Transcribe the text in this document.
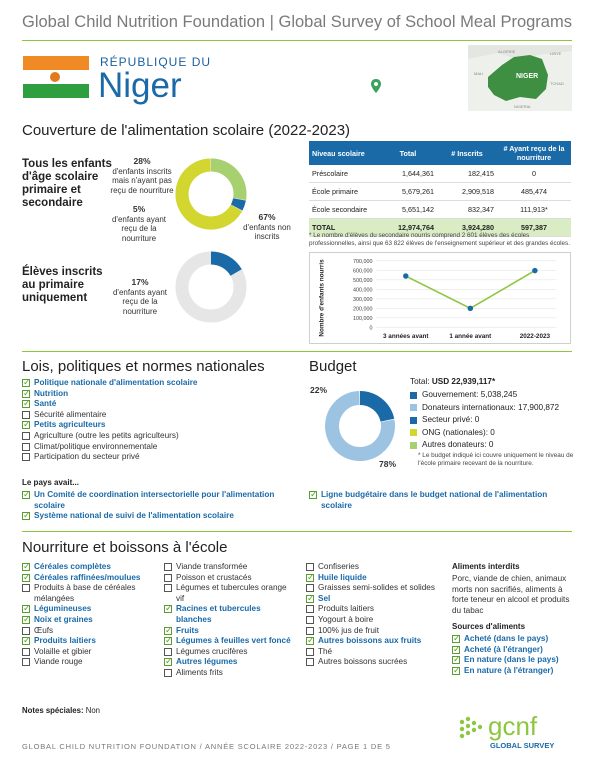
Global Child Nutrition Foundation | Global Survey of School Meal Programs
RÉPUBLIQUE DU
Niger	NIGER
ALGERIE	LIBYE
MALI
TCHAD
NIGERIA
Couverture de l'alimentation scolaire (2022-2023)
Tous les enfants d'âge scolaire primaire et secondaire
28%
d'enfants inscrits mais n'ayant pas reçu de nourriture
5%
d'enfants ayant reçu de la nourriture
67%
d'enfants non inscrits
Élèves inscrits au primaire uniquement
17%
d'enfants ayant reçu de la nourriture
Niveau scolaire	Total	# Inscrits	# Ayant reçu de la nourriture
Préscolaire	1,644,361	182,415	0
École primaire	5,679,261	2,909,518	485,474
École secondaire	5,651,142	832,347	111,913*
TOTAL	12,974,764	3,924,280	597,387
* Le nombre d'élèves du secondaire nourris comprend 2 601 élèves des écoles professionnelles, ainsi que 63 822 élèves de l'enseignement supérieur et des grandes écoles.
0
100,000
200,000
300,000
400,000
500,000
600,000
700,000
Nombre d'enfants nourris	3 années avant	1 année avant	2022-2023
Lois, politiques et normes nationales
✓
Politique nationale d'alimentation scolaire
✓
Nutrition
✓
Santé
Sécurité alimentaire
✓
Petits agriculteurs
Agriculture (outre les petits agriculteurs)
Climat/politique environnementale
Participation du secteur privé
Le pays avait...
✓
Un Comité de coordination intersectorielle pour l'alimentation scolaire
✓
Système national de suivi de l'alimentation scolaire
Budget
22%
78%
Total: USD 22,939,117*
Gouvernement: 5,038,245
Donateurs internationaux: 17,900,872
Secteur privé: 0
ONG (nationales): 0
Autres donateurs: 0
* Le budget indiqué ici couvre uniquement le niveau de l'école primaire recevant de la nourriture.
✓
Ligne budgétaire dans le budget national de l'alimentation scolaire
Nourriture et boissons à l'école
✓
Céréales complètes
✓
Céréales raffinées/moulues
Produits à base de céréales mélangées
✓
Légumineuses
✓
Noix et graines
Œufs
✓
Produits laitiers
Volaille et gibier
Viande rouge
Viande transformée
Poisson et crustacés
Légumes et tubercules orange vif
✓
Racines et tubercules blanches
✓
Fruits
✓
Légumes à feuilles vert foncé
Légumes crucifères
✓
Autres légumes
Aliments frits
Confiseries
✓
Huile liquide
Graisses semi-solides et solides
✓
Sel
Produits laitiers
Yogourt à boire
100% jus de fruit
✓
Autres boissons aux fruits
Thé
Autres boissons sucrées
Aliments interdits
Porc, viande de chien, animaux morts non sacrifiés, aliments à forte teneur en alcool et produits du tabac
Sources d'aliments
✓
Acheté (dans le pays)
✓
Acheté (à l'étranger)
✓
En nature (dans le pays)
✓
En nature (à l'étranger)
Notes spéciales: Non
gcnf
GLOBAL SURVEY
GLOBAL CHILD NUTRITION FOUNDATION / ANNÉE SCOLAIRE 2022-2023 / PAGE 1 DE 5
